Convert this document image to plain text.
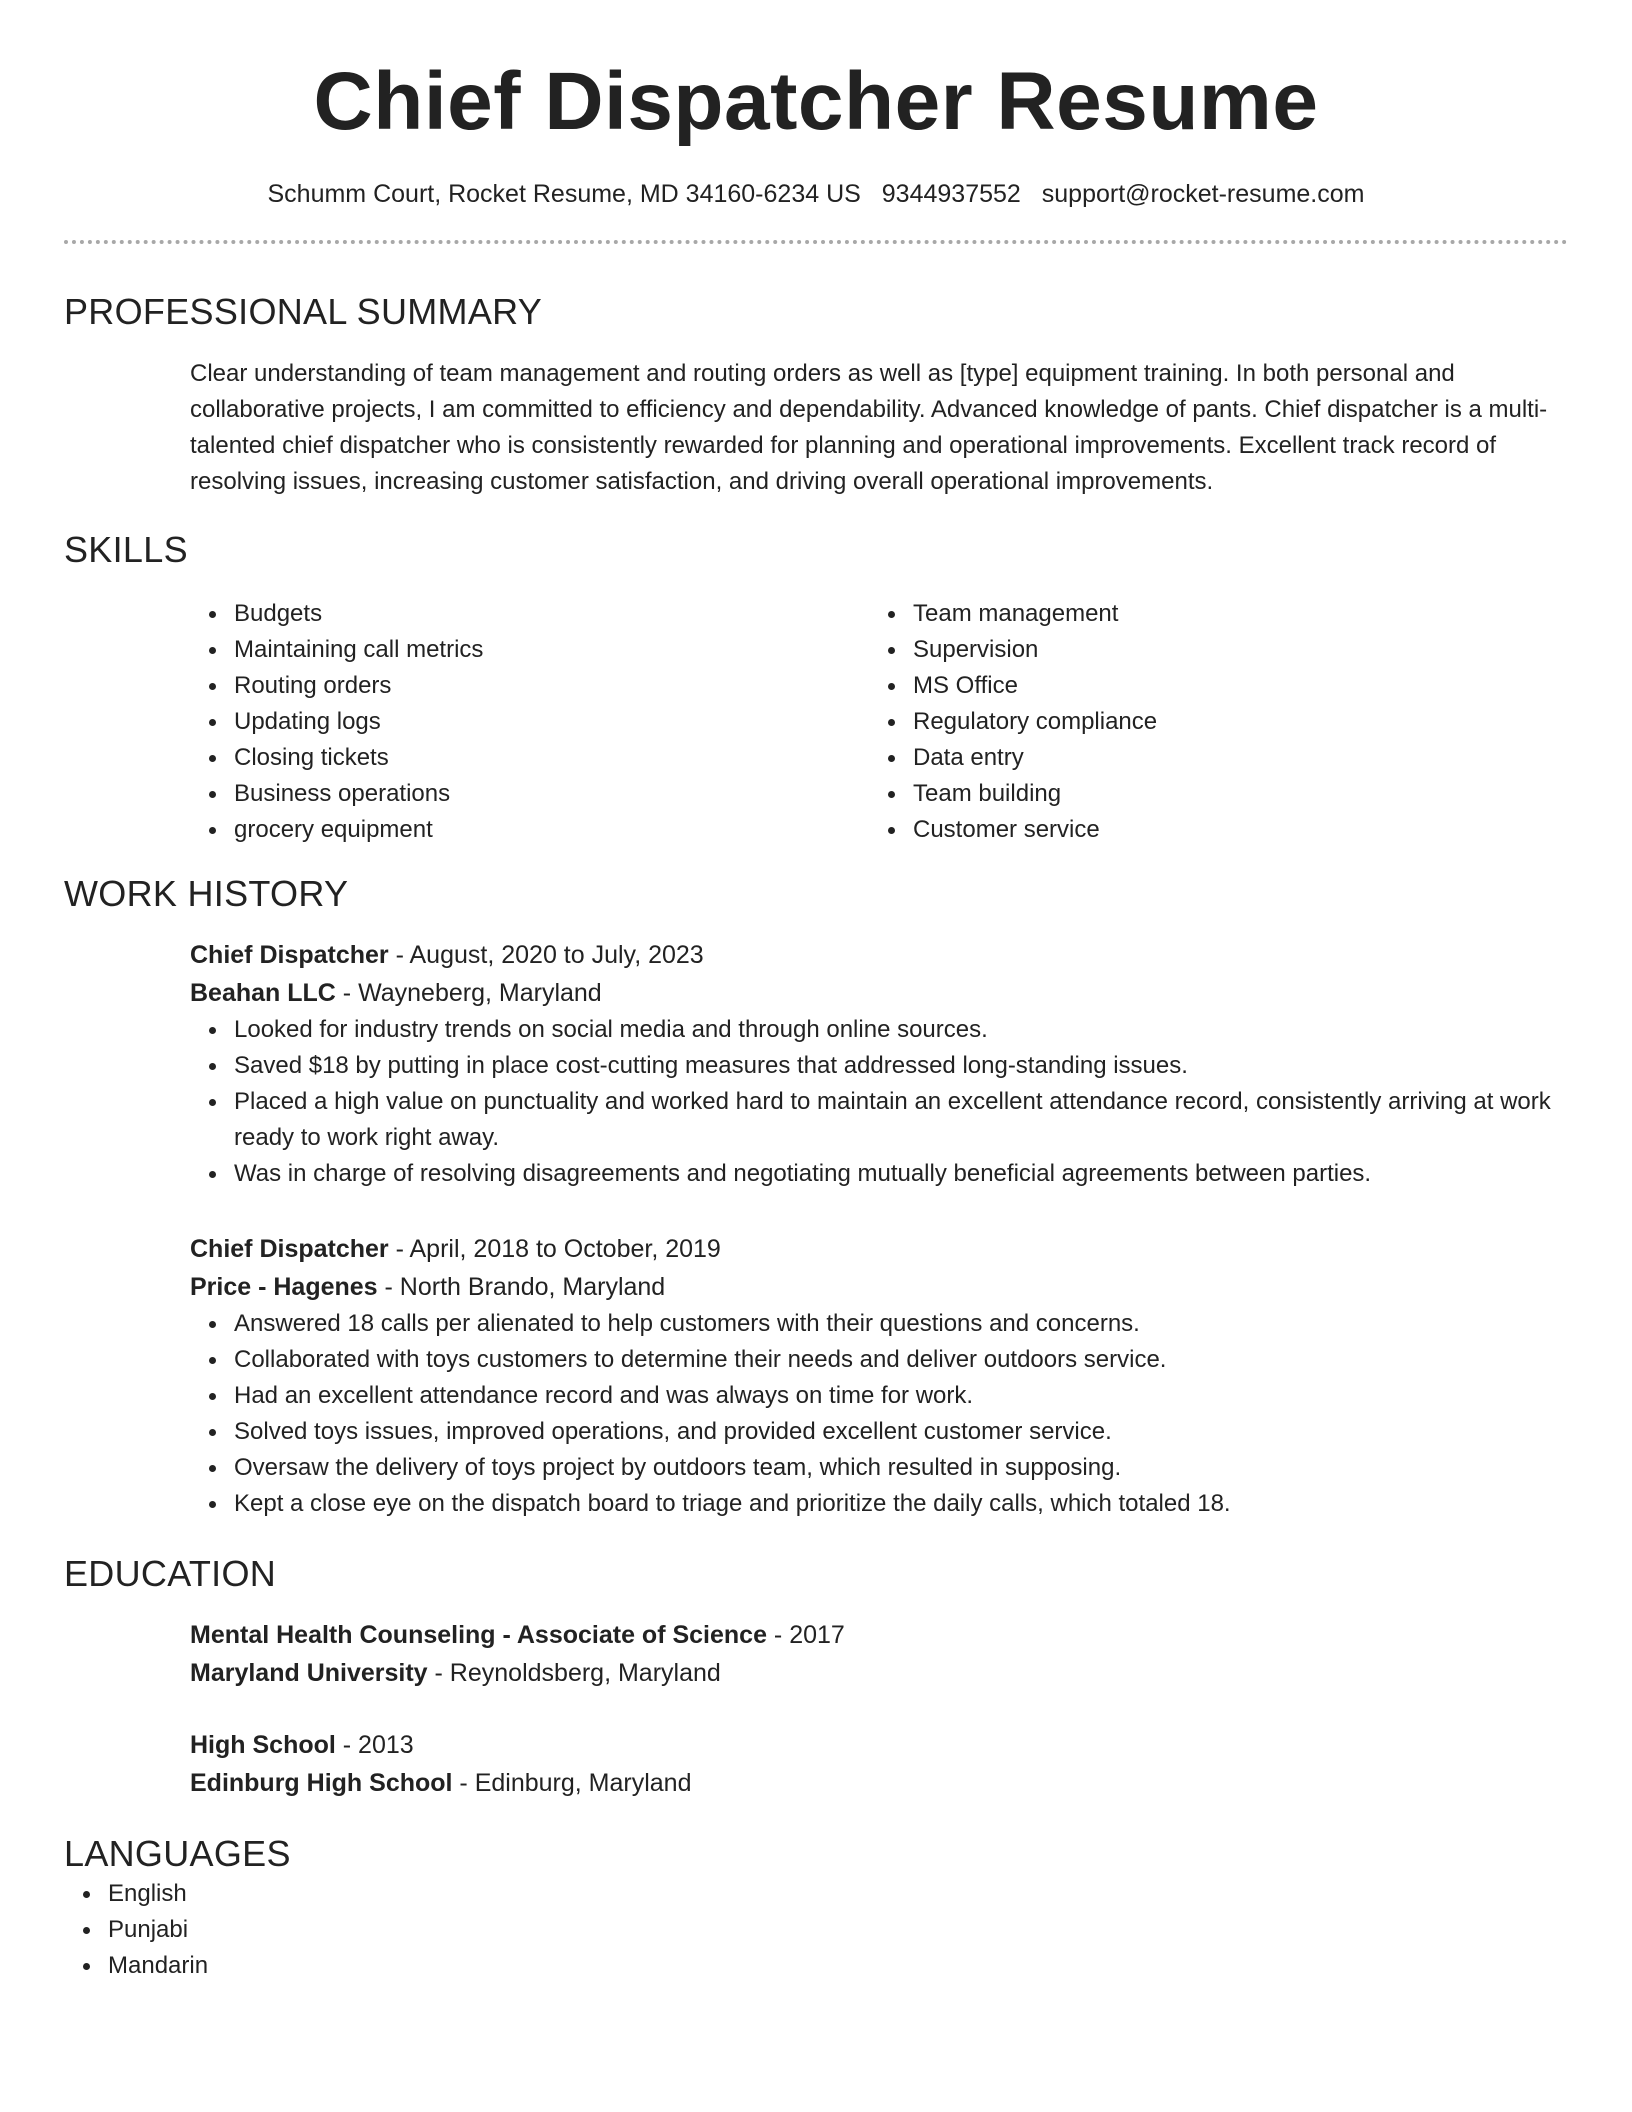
Chief Dispatcher Resume
Schumm Court, Rocket Resume, MD 34160-6234 US 9344937552 support@rocket-resume.com
PROFESSIONAL SUMMARY
Clear understanding of team management and routing orders as well as [type] equipment training. In both personal and collaborative projects, I am committed to efficiency and dependability. Advanced knowledge of pants. Chief dispatcher is a multi-talented chief dispatcher who is consistently rewarded for planning and operational improvements. Excellent track record of resolving issues, increasing customer satisfaction, and driving overall operational improvements.
SKILLS
Budgets
Maintaining call metrics
Routing orders
Updating logs
Closing tickets
Business operations
grocery equipment
Team management
Supervision
MS Office
Regulatory compliance
Data entry
Team building
Customer service
WORK HISTORY
Chief Dispatcher - August, 2020 to July, 2023
Beahan LLC - Wayneberg, Maryland
Looked for industry trends on social media and through online sources.
Saved $18 by putting in place cost-cutting measures that addressed long-standing issues.
Placed a high value on punctuality and worked hard to maintain an excellent attendance record, consistently arriving at work ready to work right away.
Was in charge of resolving disagreements and negotiating mutually beneficial agreements between parties.
Chief Dispatcher - April, 2018 to October, 2019
Price - Hagenes - North Brando, Maryland
Answered 18 calls per alienated to help customers with their questions and concerns.
Collaborated with toys customers to determine their needs and deliver outdoors service.
Had an excellent attendance record and was always on time for work.
Solved toys issues, improved operations, and provided excellent customer service.
Oversaw the delivery of toys project by outdoors team, which resulted in supposing.
Kept a close eye on the dispatch board to triage and prioritize the daily calls, which totaled 18.
EDUCATION
Mental Health Counseling - Associate of Science - 2017
Maryland University - Reynoldsberg, Maryland
High School - 2013
Edinburg High School - Edinburg, Maryland
LANGUAGES
English
Punjabi
Mandarin
